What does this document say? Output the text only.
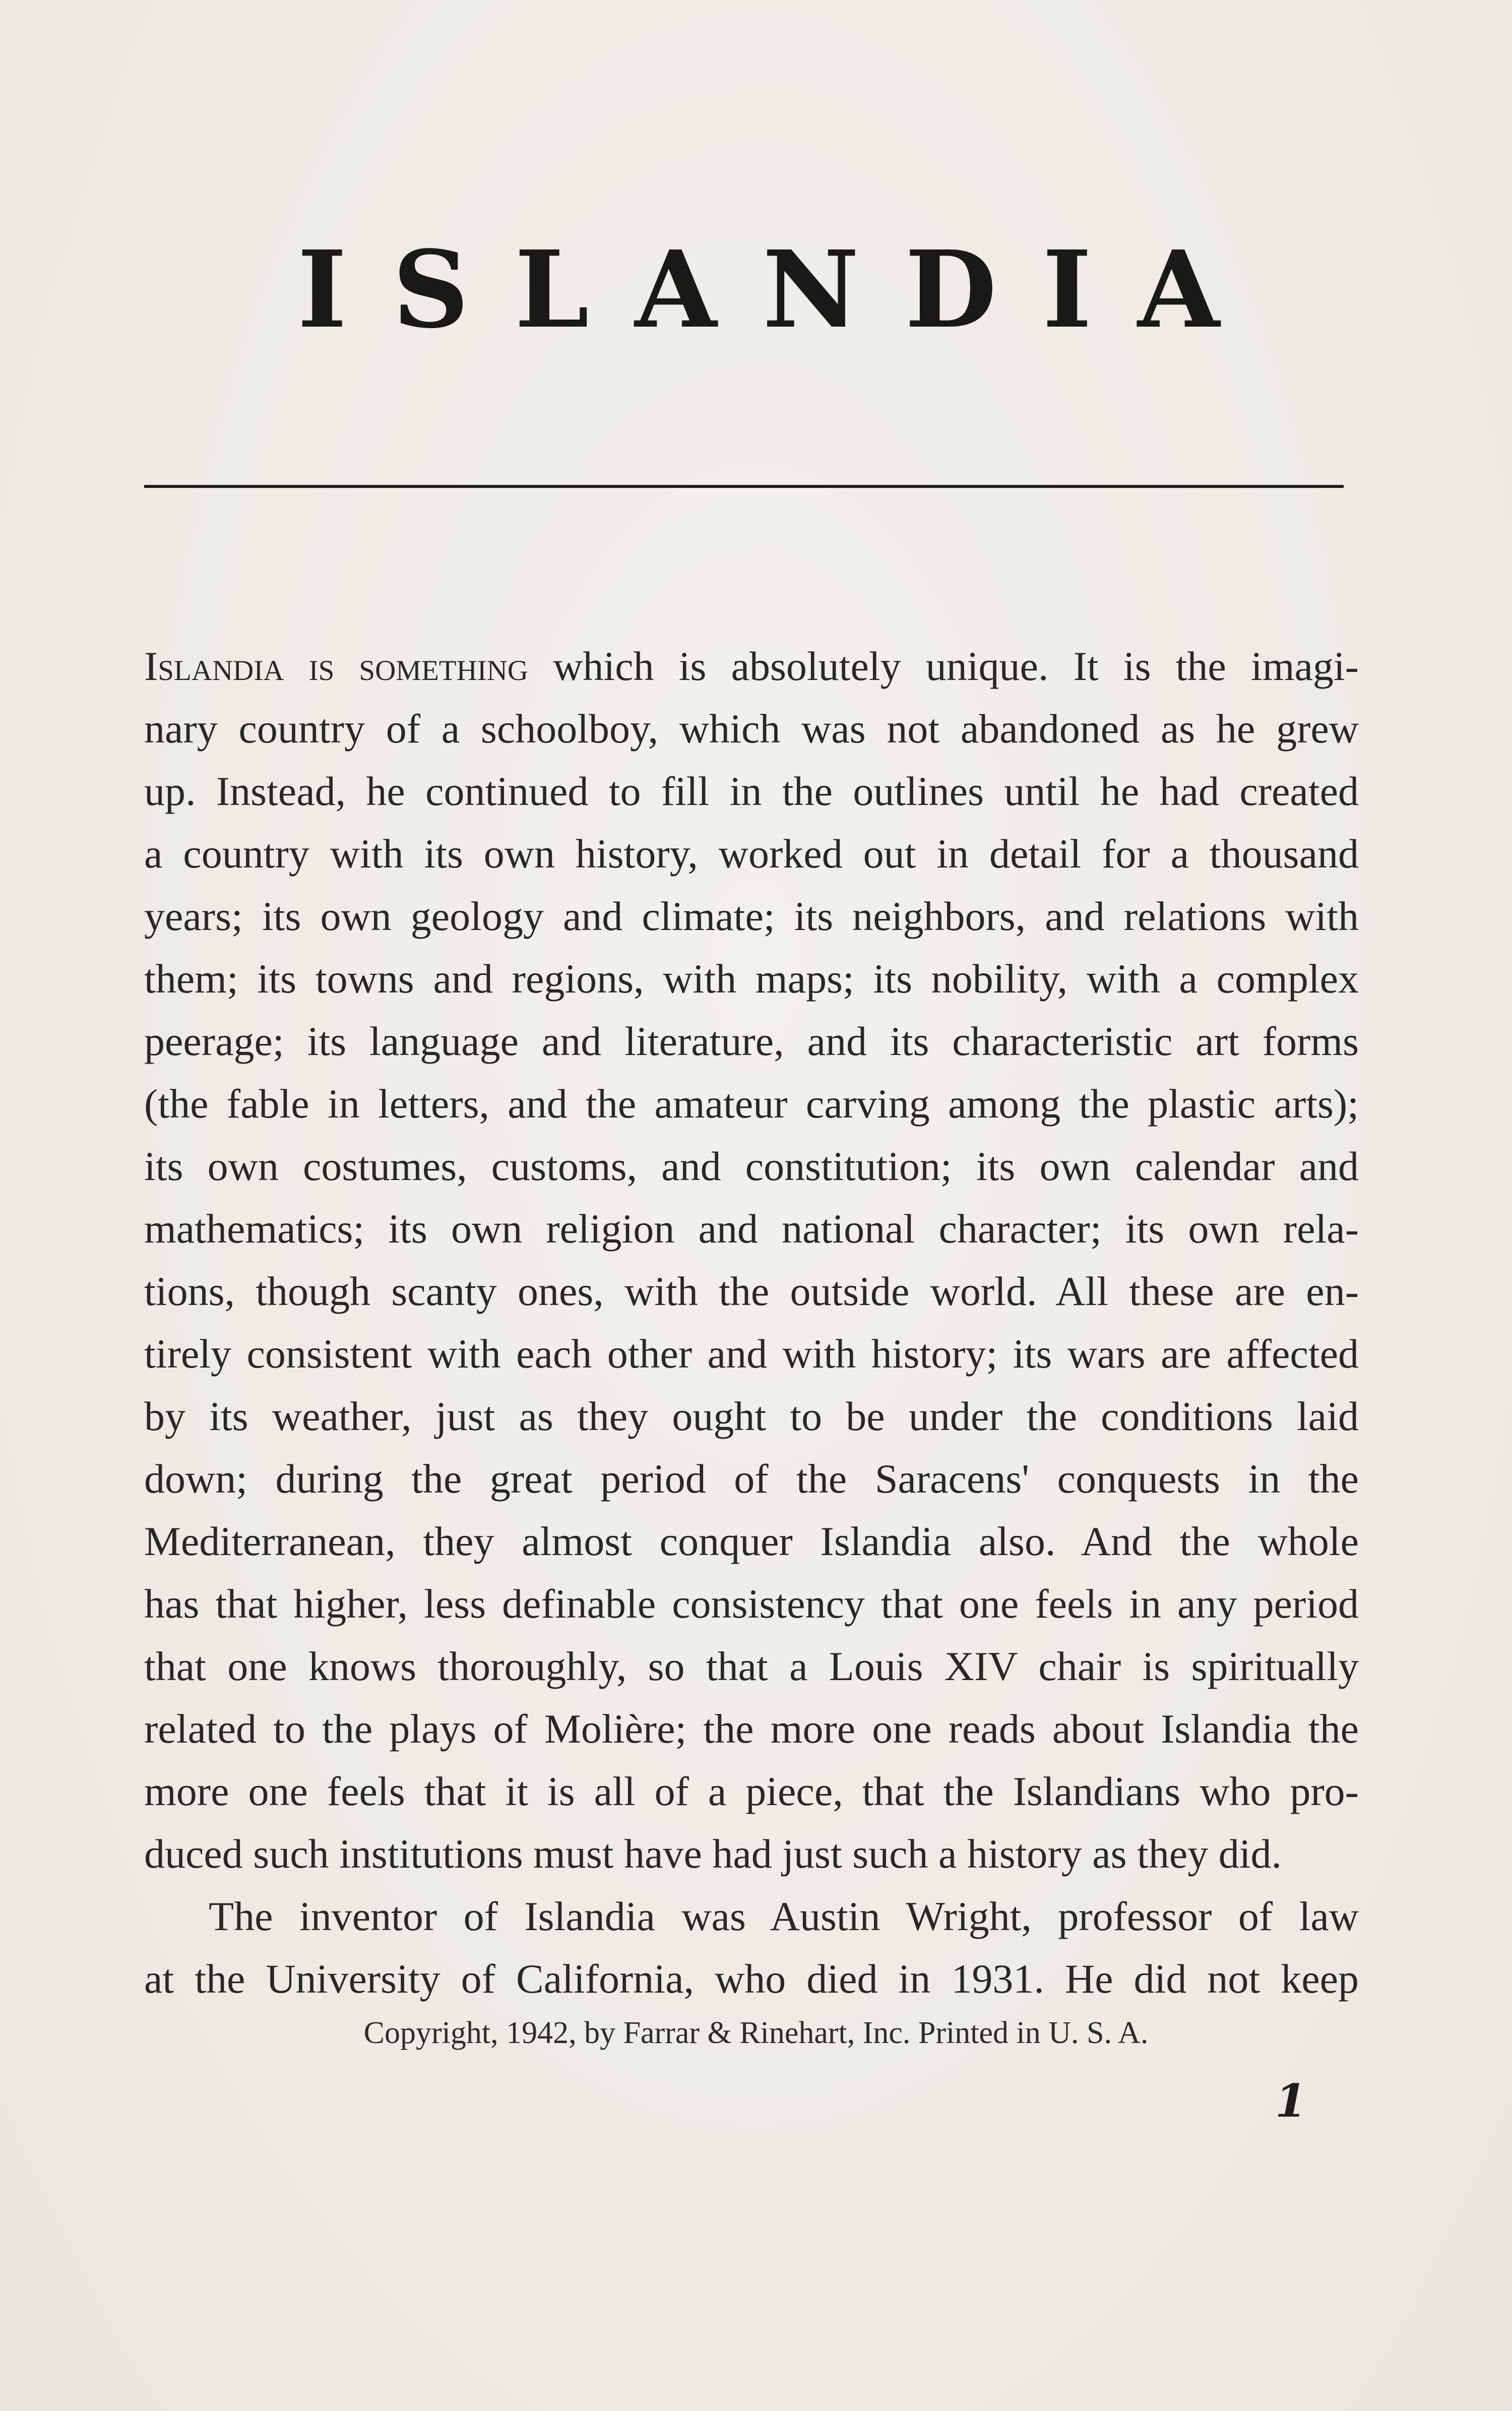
I S L A N D I A
Islandia is something which is absolutely unique. It is the imagi-
nary country of a schoolboy, which was not abandoned as he grew
up. Instead, he continued to fill in the outlines until he had created
a country with its own history, worked out in detail for a thousand
years; its own geology and climate; its neighbors, and relations with
them; its towns and regions, with maps; its nobility, with a complex
peerage; its language and literature, and its characteristic art forms
(the fable in letters, and the amateur carving among the plastic arts);
its own costumes, customs, and constitution; its own calendar and
mathematics; its own religion and national character; its own rela-
tions, though scanty ones, with the outside world. All these are en-
tirely consistent with each other and with history; its wars are affected
by its weather, just as they ought to be under the conditions laid
down; during the great period of the Saracens' conquests in the
Mediterranean, they almost conquer Islandia also. And the whole
has that higher, less definable consistency that one feels in any period
that one knows thoroughly, so that a Louis XIV chair is spiritually
related to the plays of Molière; the more one reads about Islandia the
more one feels that it is all of a piece, that the Islandians who pro-
duced such institutions must have had just such a history as they did.
The inventor of Islandia was Austin Wright, professor of law
at the University of California, who died in 1931. He did not keep
Copyright, 1942, by Farrar & Rinehart, Inc. Printed in U. S. A.
1
